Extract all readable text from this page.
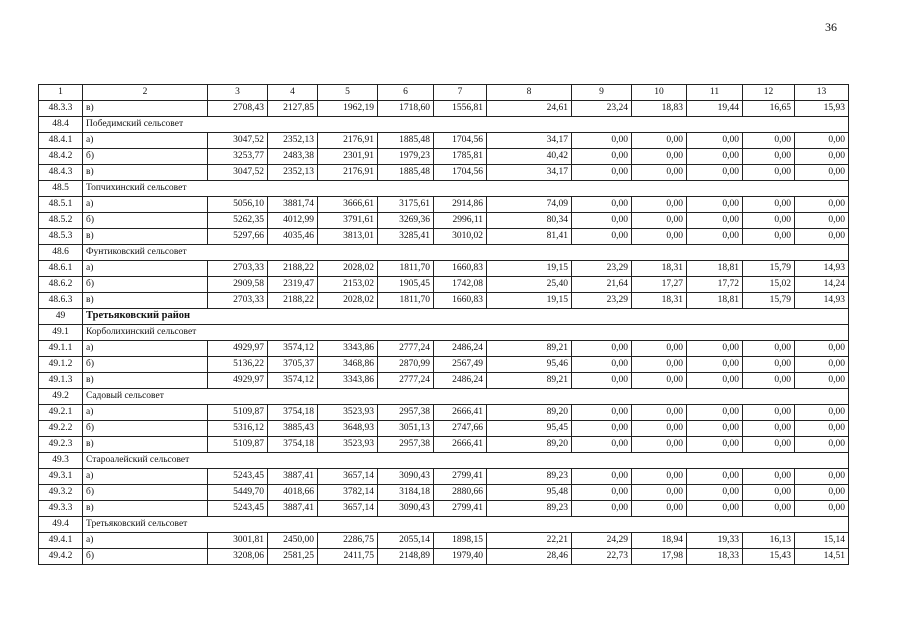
36
1	2	3	4	5	6	7	8	9	10	11	12	13
48.3.3	в)	2708,43	2127,85	1962,19	1718,60	1556,81	24,61	23,24	18,83	19,44	16,65	15,93
48.4	Победимский сельсовет											
48.4.1	а)	3047,52	2352,13	2176,91	1885,48	1704,56	34,17	0,00	0,00	0,00	0,00	0,00
48.4.2	б)	3253,77	2483,38	2301,91	1979,23	1785,81	40,42	0,00	0,00	0,00	0,00	0,00
48.4.3	в)	3047,52	2352,13	2176,91	1885,48	1704,56	34,17	0,00	0,00	0,00	0,00	0,00
48.5	Топчихинский сельсовет											
48.5.1	а)	5056,10	3881,74	3666,61	3175,61	2914,86	74,09	0,00	0,00	0,00	0,00	0,00
48.5.2	б)	5262,35	4012,99	3791,61	3269,36	2996,11	80,34	0,00	0,00	0,00	0,00	0,00
48.5.3	в)	5297,66	4035,46	3813,01	3285,41	3010,02	81,41	0,00	0,00	0,00	0,00	0,00
48.6	Фунтиковский сельсовет											
48.6.1	а)	2703,33	2188,22	2028,02	1811,70	1660,83	19,15	23,29	18,31	18,81	15,79	14,93
48.6.2	б)	2909,58	2319,47	2153,02	1905,45	1742,08	25,40	21,64	17,27	17,72	15,02	14,24
48.6.3	в)	2703,33	2188,22	2028,02	1811,70	1660,83	19,15	23,29	18,31	18,81	15,79	14,93
49	Третьяковский район											
49.1	Корболихинский сельсовет											
49.1.1	а)	4929,97	3574,12	3343,86	2777,24	2486,24	89,21	0,00	0,00	0,00	0,00	0,00
49.1.2	б)	5136,22	3705,37	3468,86	2870,99	2567,49	95,46	0,00	0,00	0,00	0,00	0,00
49.1.3	в)	4929,97	3574,12	3343,86	2777,24	2486,24	89,21	0,00	0,00	0,00	0,00	0,00
49.2	Садовый сельсовет											
49.2.1	а)	5109,87	3754,18	3523,93	2957,38	2666,41	89,20	0,00	0,00	0,00	0,00	0,00
49.2.2	б)	5316,12	3885,43	3648,93	3051,13	2747,66	95,45	0,00	0,00	0,00	0,00	0,00
49.2.3	в)	5109,87	3754,18	3523,93	2957,38	2666,41	89,20	0,00	0,00	0,00	0,00	0,00
49.3	Староалейский сельсовет											
49.3.1	а)	5243,45	3887,41	3657,14	3090,43	2799,41	89,23	0,00	0,00	0,00	0,00	0,00
49.3.2	б)	5449,70	4018,66	3782,14	3184,18	2880,66	95,48	0,00	0,00	0,00	0,00	0,00
49.3.3	в)	5243,45	3887,41	3657,14	3090,43	2799,41	89,23	0,00	0,00	0,00	0,00	0,00
49.4	Третьяковский сельсовет											
49.4.1	а)	3001,81	2450,00	2286,75	2055,14	1898,15	22,21	24,29	18,94	19,33	16,13	15,14
49.4.2	б)	3208,06	2581,25	2411,75	2148,89	1979,40	28,46	22,73	17,98	18,33	15,43	14,51
